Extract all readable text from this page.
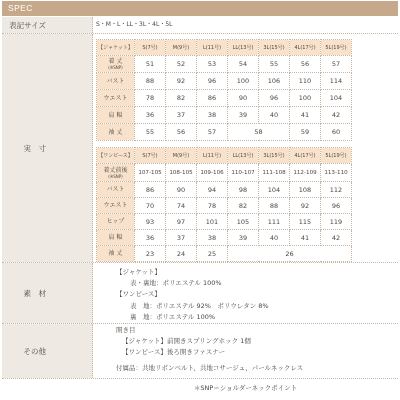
SPEC
表記サイズ	S・M・L・LL・3L・4L・5L
実　寸
【ジャケット】	S(7号)	M(9号)	L(11号)	LL(13号)	3L(15号)	4L(17号)	5L(19号)

着 丈
(※SNP)	51	52	53	54	55	56	57

バスト	88	92	96	100	106	110	114

ウエスト	78	82	86	90	96	100	104

肩 幅	36	37	38	39	40	41	42

袖 丈	55	56	57	58		59	60
【ワンピース】	S(7号)	M(9号)	L(11号)	LL(13号)	3L(15号)	4L(17号)	5L(19号)

着丈前後
(※SNP)	107-105	108-105	109-106	110-107	111-108	112-109	113-110

バスト	86	90	94	98	104	108	112

ウエスト	70	74	78	82	88	92	96

ヒップ	93	97	101	105	111	115	119

肩 幅	36	37	38	39	40	41	42

袖 丈	23	24	25	26			
素　材
【ジャケット】
表・裏地：ポリエステル 100%
【ワンピース】
表　地：ポリエステル 92%　ポリウレタン 8%
裏　地：ポリエステル 100%
その他
開き目
【ジャケット】前開きスプリングホック 1個
【ワンピース】後ろ開きファスナー
付属品：共地リボンベルト、共地コサージュ、パールネックレス
＊SNP＝ショルダーネックポイント
